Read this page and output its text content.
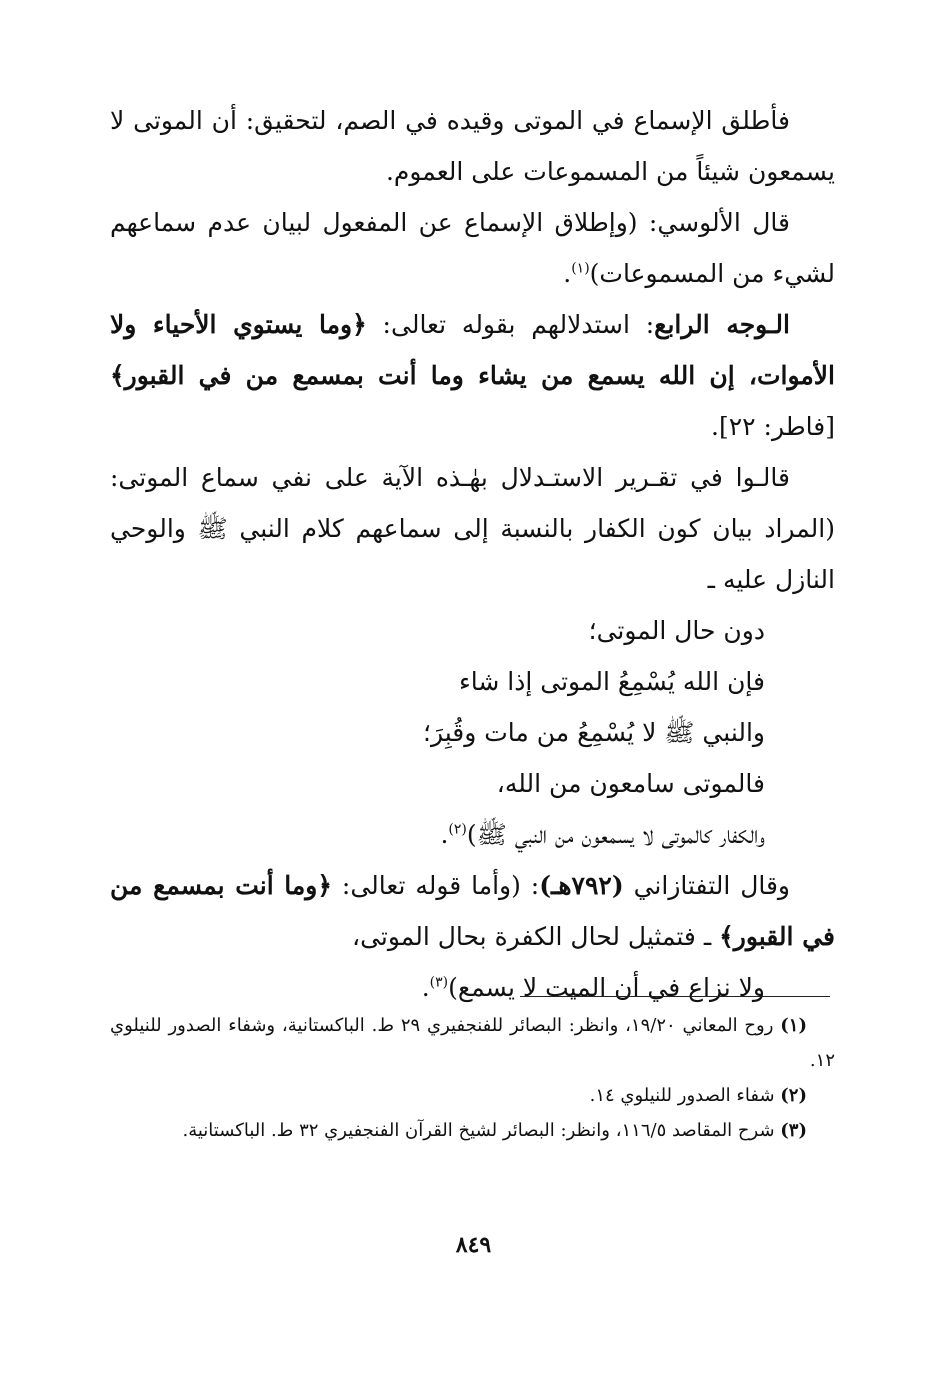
فأطلق الإسماع في الموتى وقيده في الصم، لتحقيق: أن الموتى لا يسمعون شيئاً من المسموعات على العموم.

قال الألوسي: (وإطلاق الإسماع عن المفعول لبيان عدم سماعهم لشيء من المسموعات)$^{(١)}$.

الـوجه الرابع: استدلالهم بقوله تعالى: ﴿وما يستوي الأحياء ولا الأموات، إن الله يسمع من يشاء وما أنت بمسمع من في القبور﴾ [فاطر: ٢٢].

قالـوا في تقـرير الاستـدلال بهٰـذه الآية على نفي سماع الموتى: (المراد بيان كون الكفار بالنسبة إلى سماعهم كلام النبي ﷺ والوحي النازل عليه ـ

دون حال الموتى؛

فإن الله يُسْمِعُ الموتى إذا شاء

والنبي ﷺ لا يُسْمِعُ من مات وقُبِرَ؛

فالموتى سامعون من الله،

والكفار كالموتى لا يسمعون من النبي ﷺ)$^{(٢)}$.

وقال التفتازاني (٧٩٢هـ): (وأما قوله تعالى: ﴿وما أنت بمسمع من في القبور﴾ ـ فتمثيل لحال الكفرة بحال الموتى،

ولا نزاع في أن الميت لا يسمع)$^{(٣)}$.

(١) روح المعاني ١٩/٢٠، وانظر: البصائر للفنجفيري ٢٩ ط. الباكستانية، وشفاء الصدور للنيلوي ١٢.

(٢) شفاء الصدور للنيلوي ١٤.

(٣) شرح المقاصد ١١٦/٥، وانظر: البصائر لشيخ القرآن الفنجفيري ٣٢ ط. الباكستانية.

٨٤٩
